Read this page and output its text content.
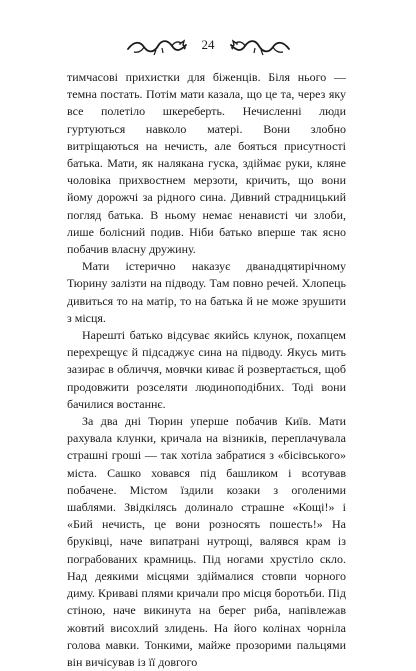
24

тимчасові прихистки для біженців. Біля нього — темна постать. Потім мати казала, що це та, через яку все полетіло шкереберть. Нечисленні люди гуртуються навколо матері. Вони злобно витріщаються на нечисть, але бояться присутності батька. Мати, як налякана гуска, здіймає руки, кляне чоловіка прихвостнем мерзоти, кричить, що вони йому дорожчі за рідного сина. Дивний страдницький погляд батька. В ньому немає ненависті чи злоби, лише болісний подив. Ніби батько вперше так ясно побачив власну дружину.

Мати істерично наказує дванадцятирічному Тюрину залізти на підводу. Там повно речей. Хлопець дивиться то на матір, то на батька й не може зрушити з місця.

Нарешті батько відсуває якийсь клунок, похапцем перехрещує й підсаджує сина на підводу. Якусь мить зазирає в обличчя, мовчки киває й розвертається, щоб продовжити розселяти людиноподібних. Тоді вони бачилися востаннє.

За два дні Тюрин уперше побачив Київ. Мати рахувала клунки, кричала на візників, переплачувала страшні гроші — так хотіла забратися з «бісівського» міста. Сашко ховався під башликом і всотував побачене. Містом їздили козаки з оголеними шаблями. Звідкілясь долинало страшне «Кощі!» і «Бий нечисть, це вони розносять пошесть!» На бруківці, наче випатрані нутрощі, валявся крам із пограбованих крамниць. Під ногами хрустіло скло. Над деякими місцями здіймалися стовпи чорного диму. Криваві плями кричали про місця боротьби. Під стіною, наче викинута на берег риба, напівлежав жовтий висохлий злидень. На його колінах чорніла голова мавки. Тонкими, майже прозорими пальцями він вичісував із її довгого
